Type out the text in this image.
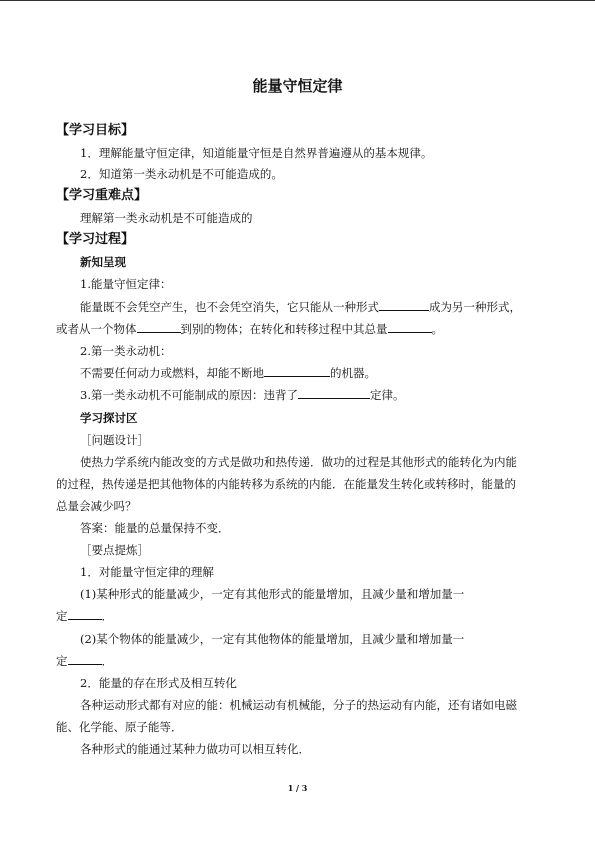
能量守恒定律
【学习目标】
1．理解能量守恒定律，知道能量守恒是自然界普遍遵从的基本规律。
2．知道第一类永动机是不可能造成的。
【学习重难点】
理解第一类永动机是不可能造成的
【学习过程】
新知呈现
1.能量守恒定律：
能量既不会凭空产生，也不会凭空消失，它只能从一种形式	成为另一种形式，
或者从一个物体	到别的物体；在转化和转移过程中其总量	。
2.第一类永动机：
不需要任何动力或燃料，却能不断地	的机器。
3.第一类永动机不可能制成的原因：违背了	定律。
学习探讨区
［问题设计］
使热力学系统内能改变的方式是做功和热传递．做功的过程是其他形式的能转化为内能
的过程，热传递是把其他物体的内能转移为系统的内能．在能量发生转化或转移时，能量的
总量会减少吗？
答案：能量的总量保持不变．
［要点提炼］
1．对能量守恒定律的理解
(1)某种形式的能量减少，一定有其他形式的能量增加，且减少量和增加量一
定	．
(2)某个物体的能量减少，一定有其他物体的能量增加，且减少量和增加量一
定	．
2．能量的存在形式及相互转化
各种运动形式都有对应的能：机械运动有机械能，分子的热运动有内能，还有诸如电磁
能、化学能、原子能等．
各种形式的能通过某种力做功可以相互转化．
1 / 3
